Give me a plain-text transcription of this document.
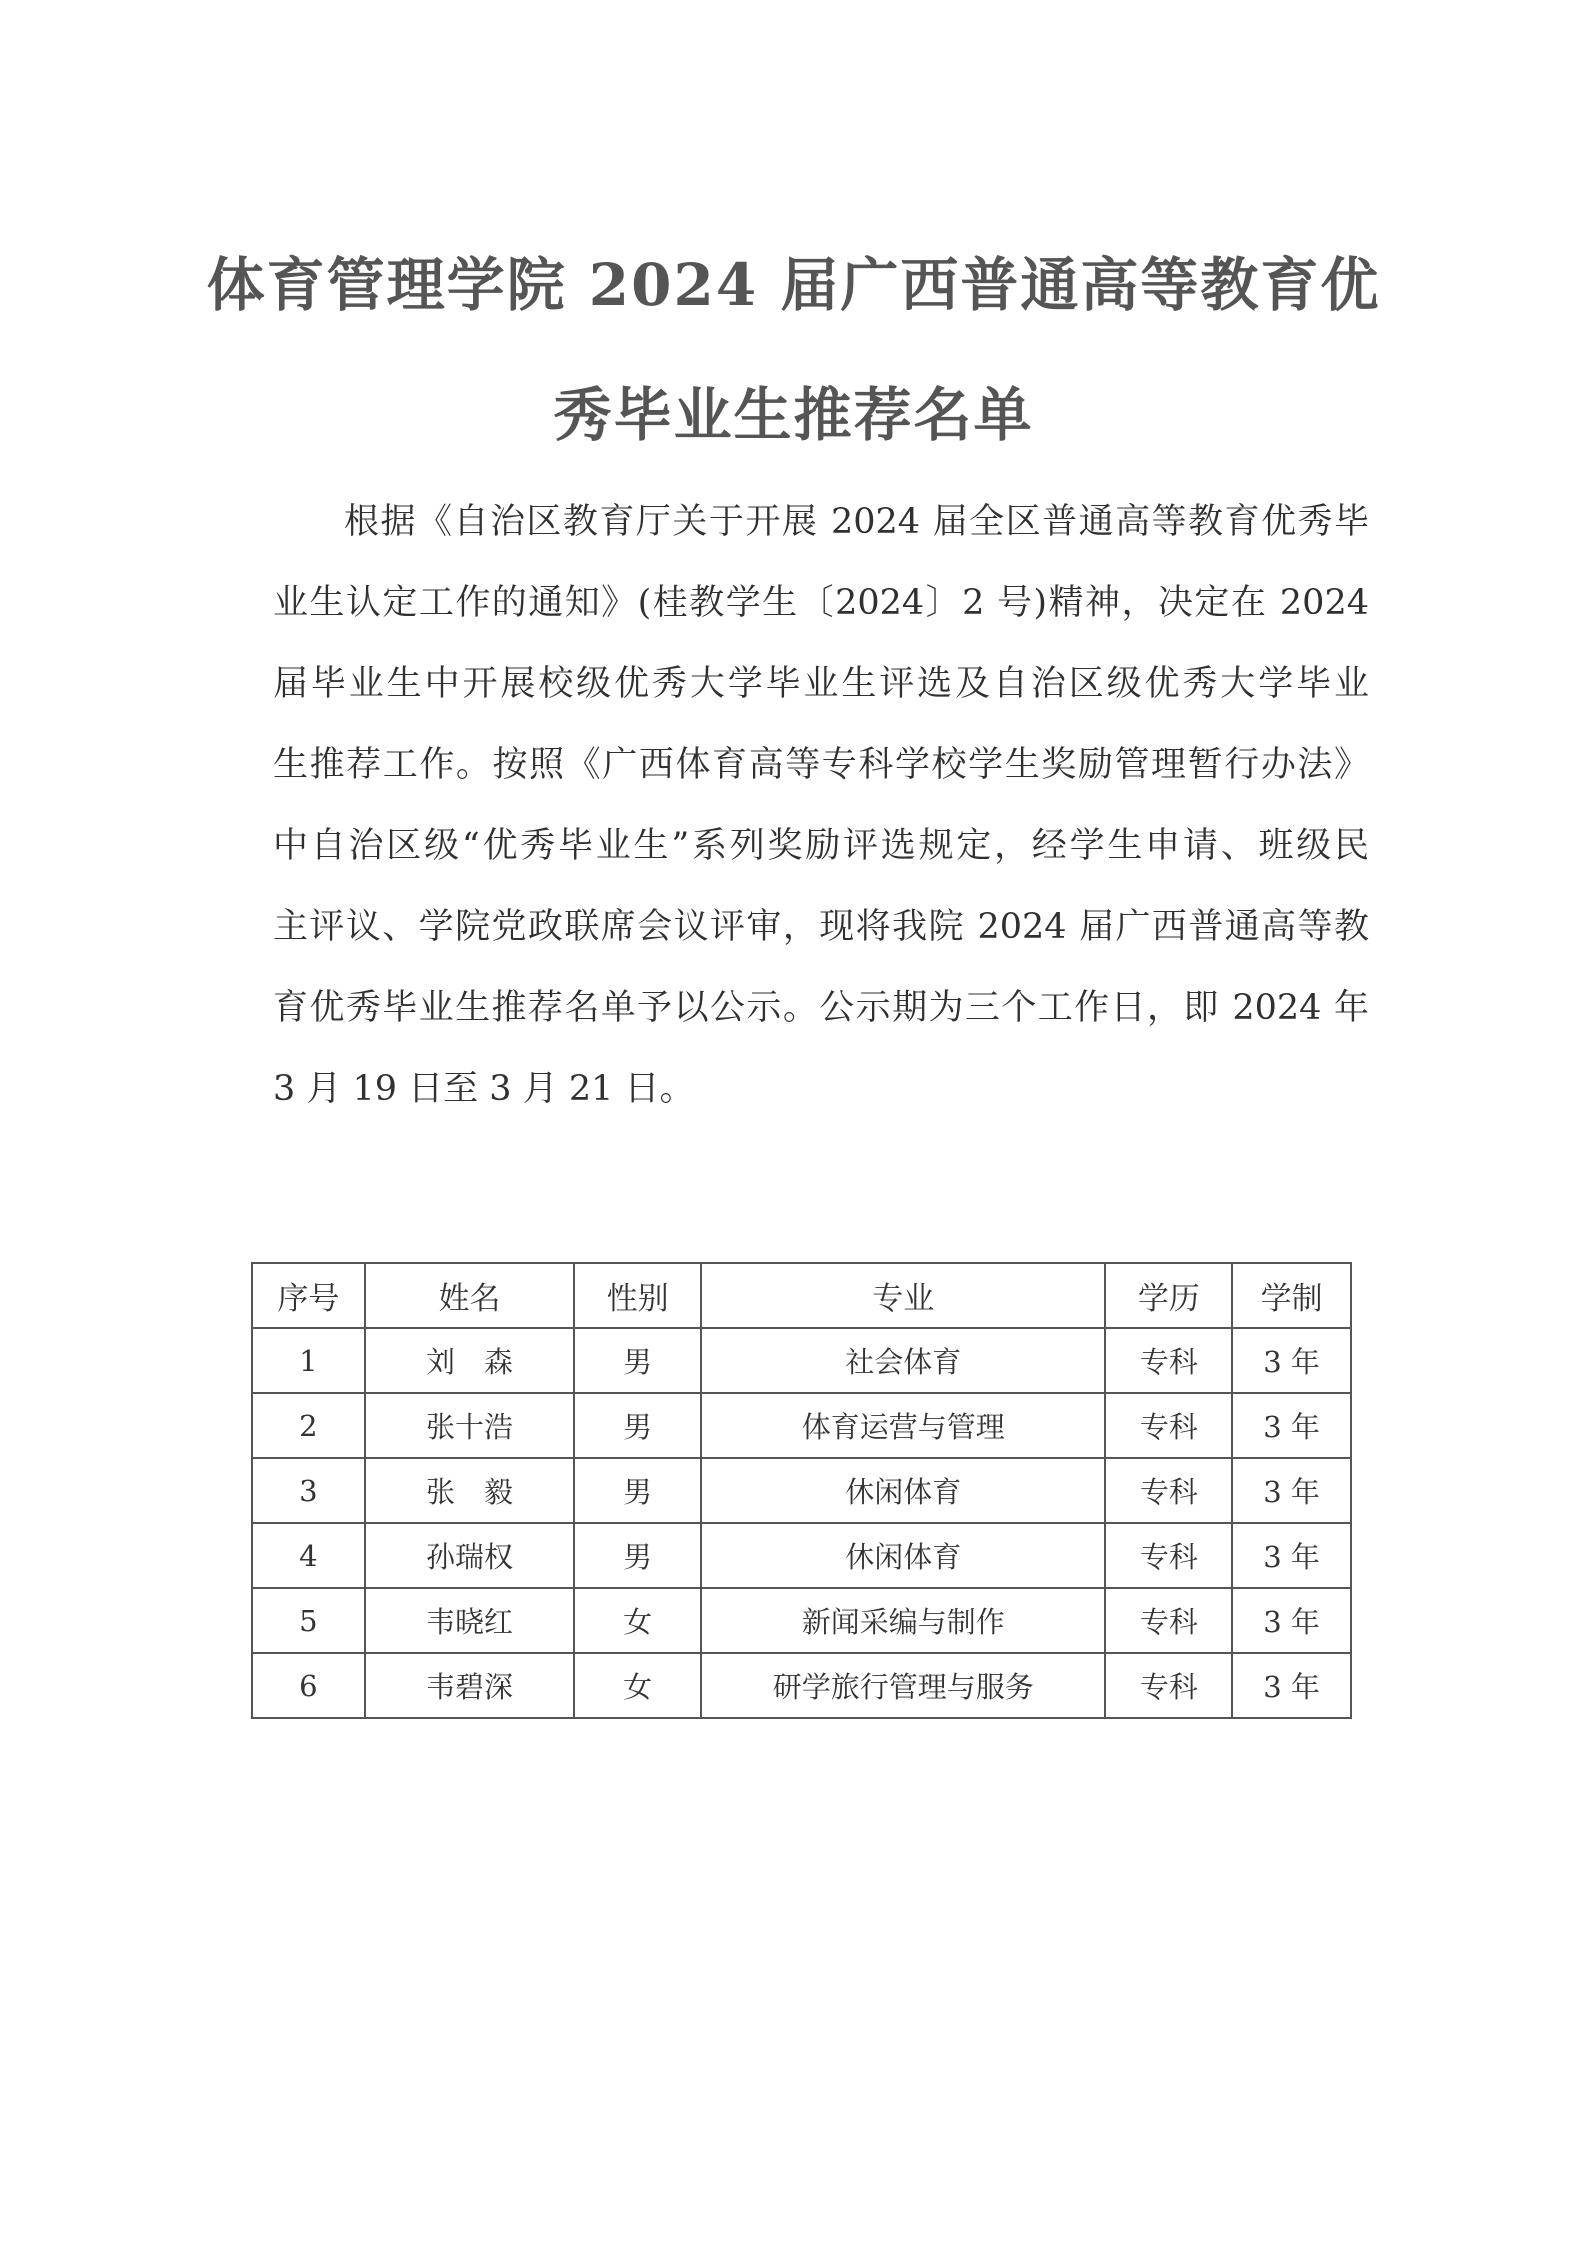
体育管理学院 2024 届广西普通高等教育优
秀毕业生推荐名单
根据《自治区教育厅关于开展 2024 届全区普通高等教育优秀毕
业生认定工作的通知》(桂教学生〔2024〕2 号)精神，决定在 2024
届毕业生中开展校级优秀大学毕业生评选及自治区级优秀大学毕业
生推荐工作。按照《广西体育高等专科学校学生奖励管理暂行办法》
中自治区级“优秀毕业生”系列奖励评选规定，经学生申请、班级民
主评议、学院党政联席会议评审，现将我院 2024 届广西普通高等教
育优秀毕业生推荐名单予以公示。公示期为三个工作日，即 2024 年
3 月 19 日至 3 月 21 日。
序号	姓名	性别	专业	学历	学制
1	刘　森	男	社会体育	专科	3 年
2	张十浩	男	体育运营与管理	专科	3 年
3	张　毅	男	休闲体育	专科	3 年
4	孙瑞权	男	休闲体育	专科	3 年
5	韦晓红	女	新闻采编与制作	专科	3 年
6	韦碧深	女	研学旅行管理与服务	专科	3 年
